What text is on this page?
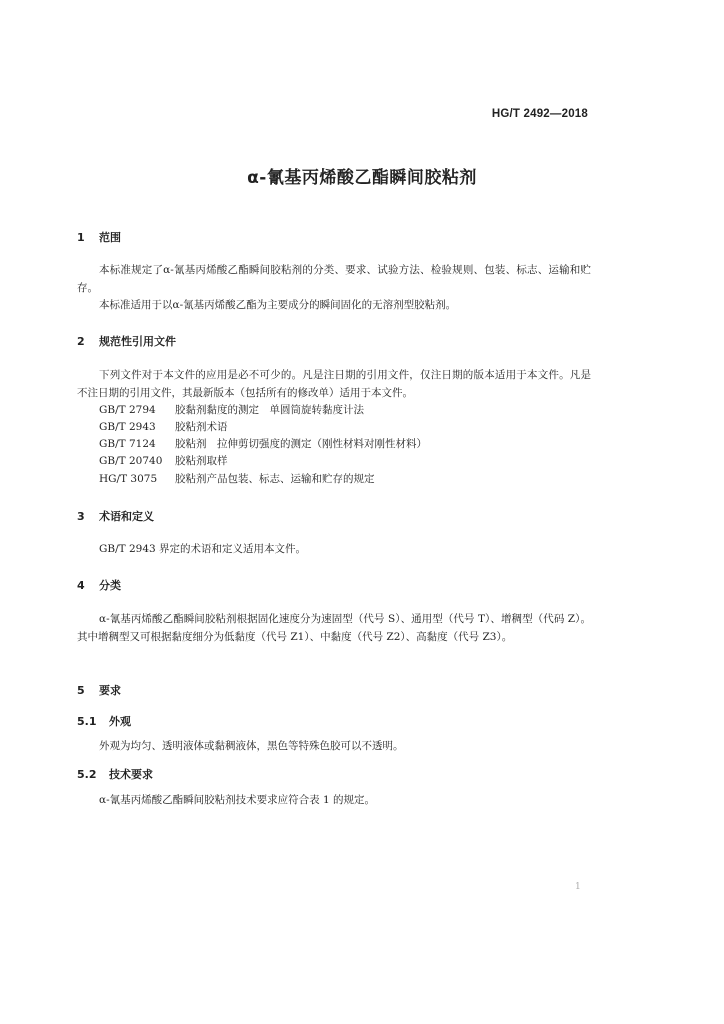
HG/T 2492—2018
α-氰基丙烯酸乙酯瞬间胶粘剂
1 范围
本标准规定了α-氰基丙烯酸乙酯瞬间胶粘剂的分类、要求、试验方法、检验规则、包装、标志、运输和贮存。
本标准适用于以α-氰基丙烯酸乙酯为主要成分的瞬间固化的无溶剂型胶粘剂。
2 规范性引用文件
下列文件对于本文件的应用是必不可少的。凡是注日期的引用文件，仅注日期的版本适用于本文件。凡是不注日期的引用文件，其最新版本（包括所有的修改单）适用于本文件。
GB/T 2794 胶黏剂黏度的测定　单圆筒旋转黏度计法
GB/T 2943 胶粘剂术语
GB/T 7124 胶粘剂　拉伸剪切强度的测定（刚性材料对刚性材料）
GB/T 20740 胶粘剂取样
HG/T 3075 胶粘剂产品包装、标志、运输和贮存的规定
3 术语和定义
GB/T 2943 界定的术语和定义适用本文件。
4 分类
α-氰基丙烯酸乙酯瞬间胶粘剂根据固化速度分为速固型（代号 S）、通用型（代号 T）、增稠型（代码 Z）。其中增稠型又可根据黏度细分为低黏度（代号 Z1）、中黏度（代号 Z2）、高黏度（代号 Z3）。
5 要求
5.1 外观
外观为均匀、透明液体或黏稠液体，黑色等特殊色胶可以不透明。
5.2 技术要求
α-氰基丙烯酸乙酯瞬间胶粘剂技术要求应符合表 1 的规定。
1
